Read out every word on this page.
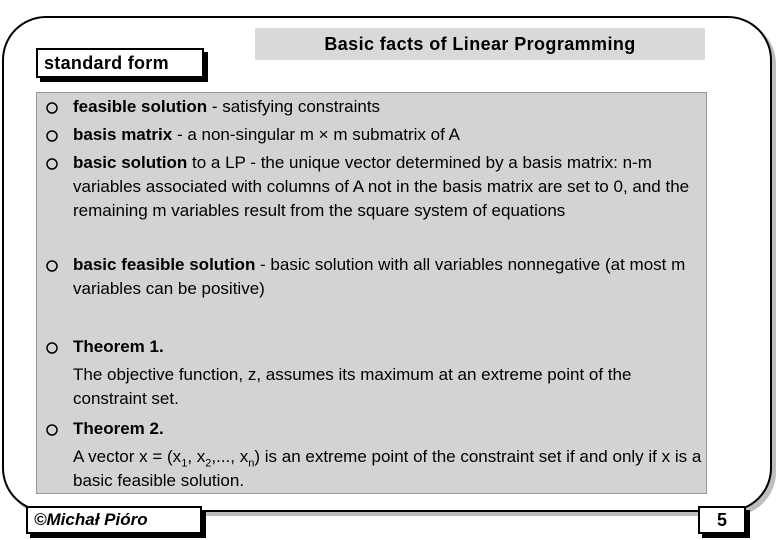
standard form
Basic facts of Linear Programming
feasible solution - satisfying constraints
basis matrix - a non-singular m × m submatrix of A
basic solution to a LP - the unique vector determined by a basis matrix: n-m variables associated with columns of A not in the basis matrix are set to 0, and the remaining m variables result from the square system of equations
basic feasible solution - basic solution with all variables nonnegative (at most m variables can be positive)
Theorem 1.
The objective function, z, assumes its maximum at an extreme point of the constraint set.
Theorem 2.
A vector $x = (x_1$, $x_2$,..., $x_n$) is an extreme point of the constraint set if and only if x is a basic feasible solution.
©Michał Pióro	5
